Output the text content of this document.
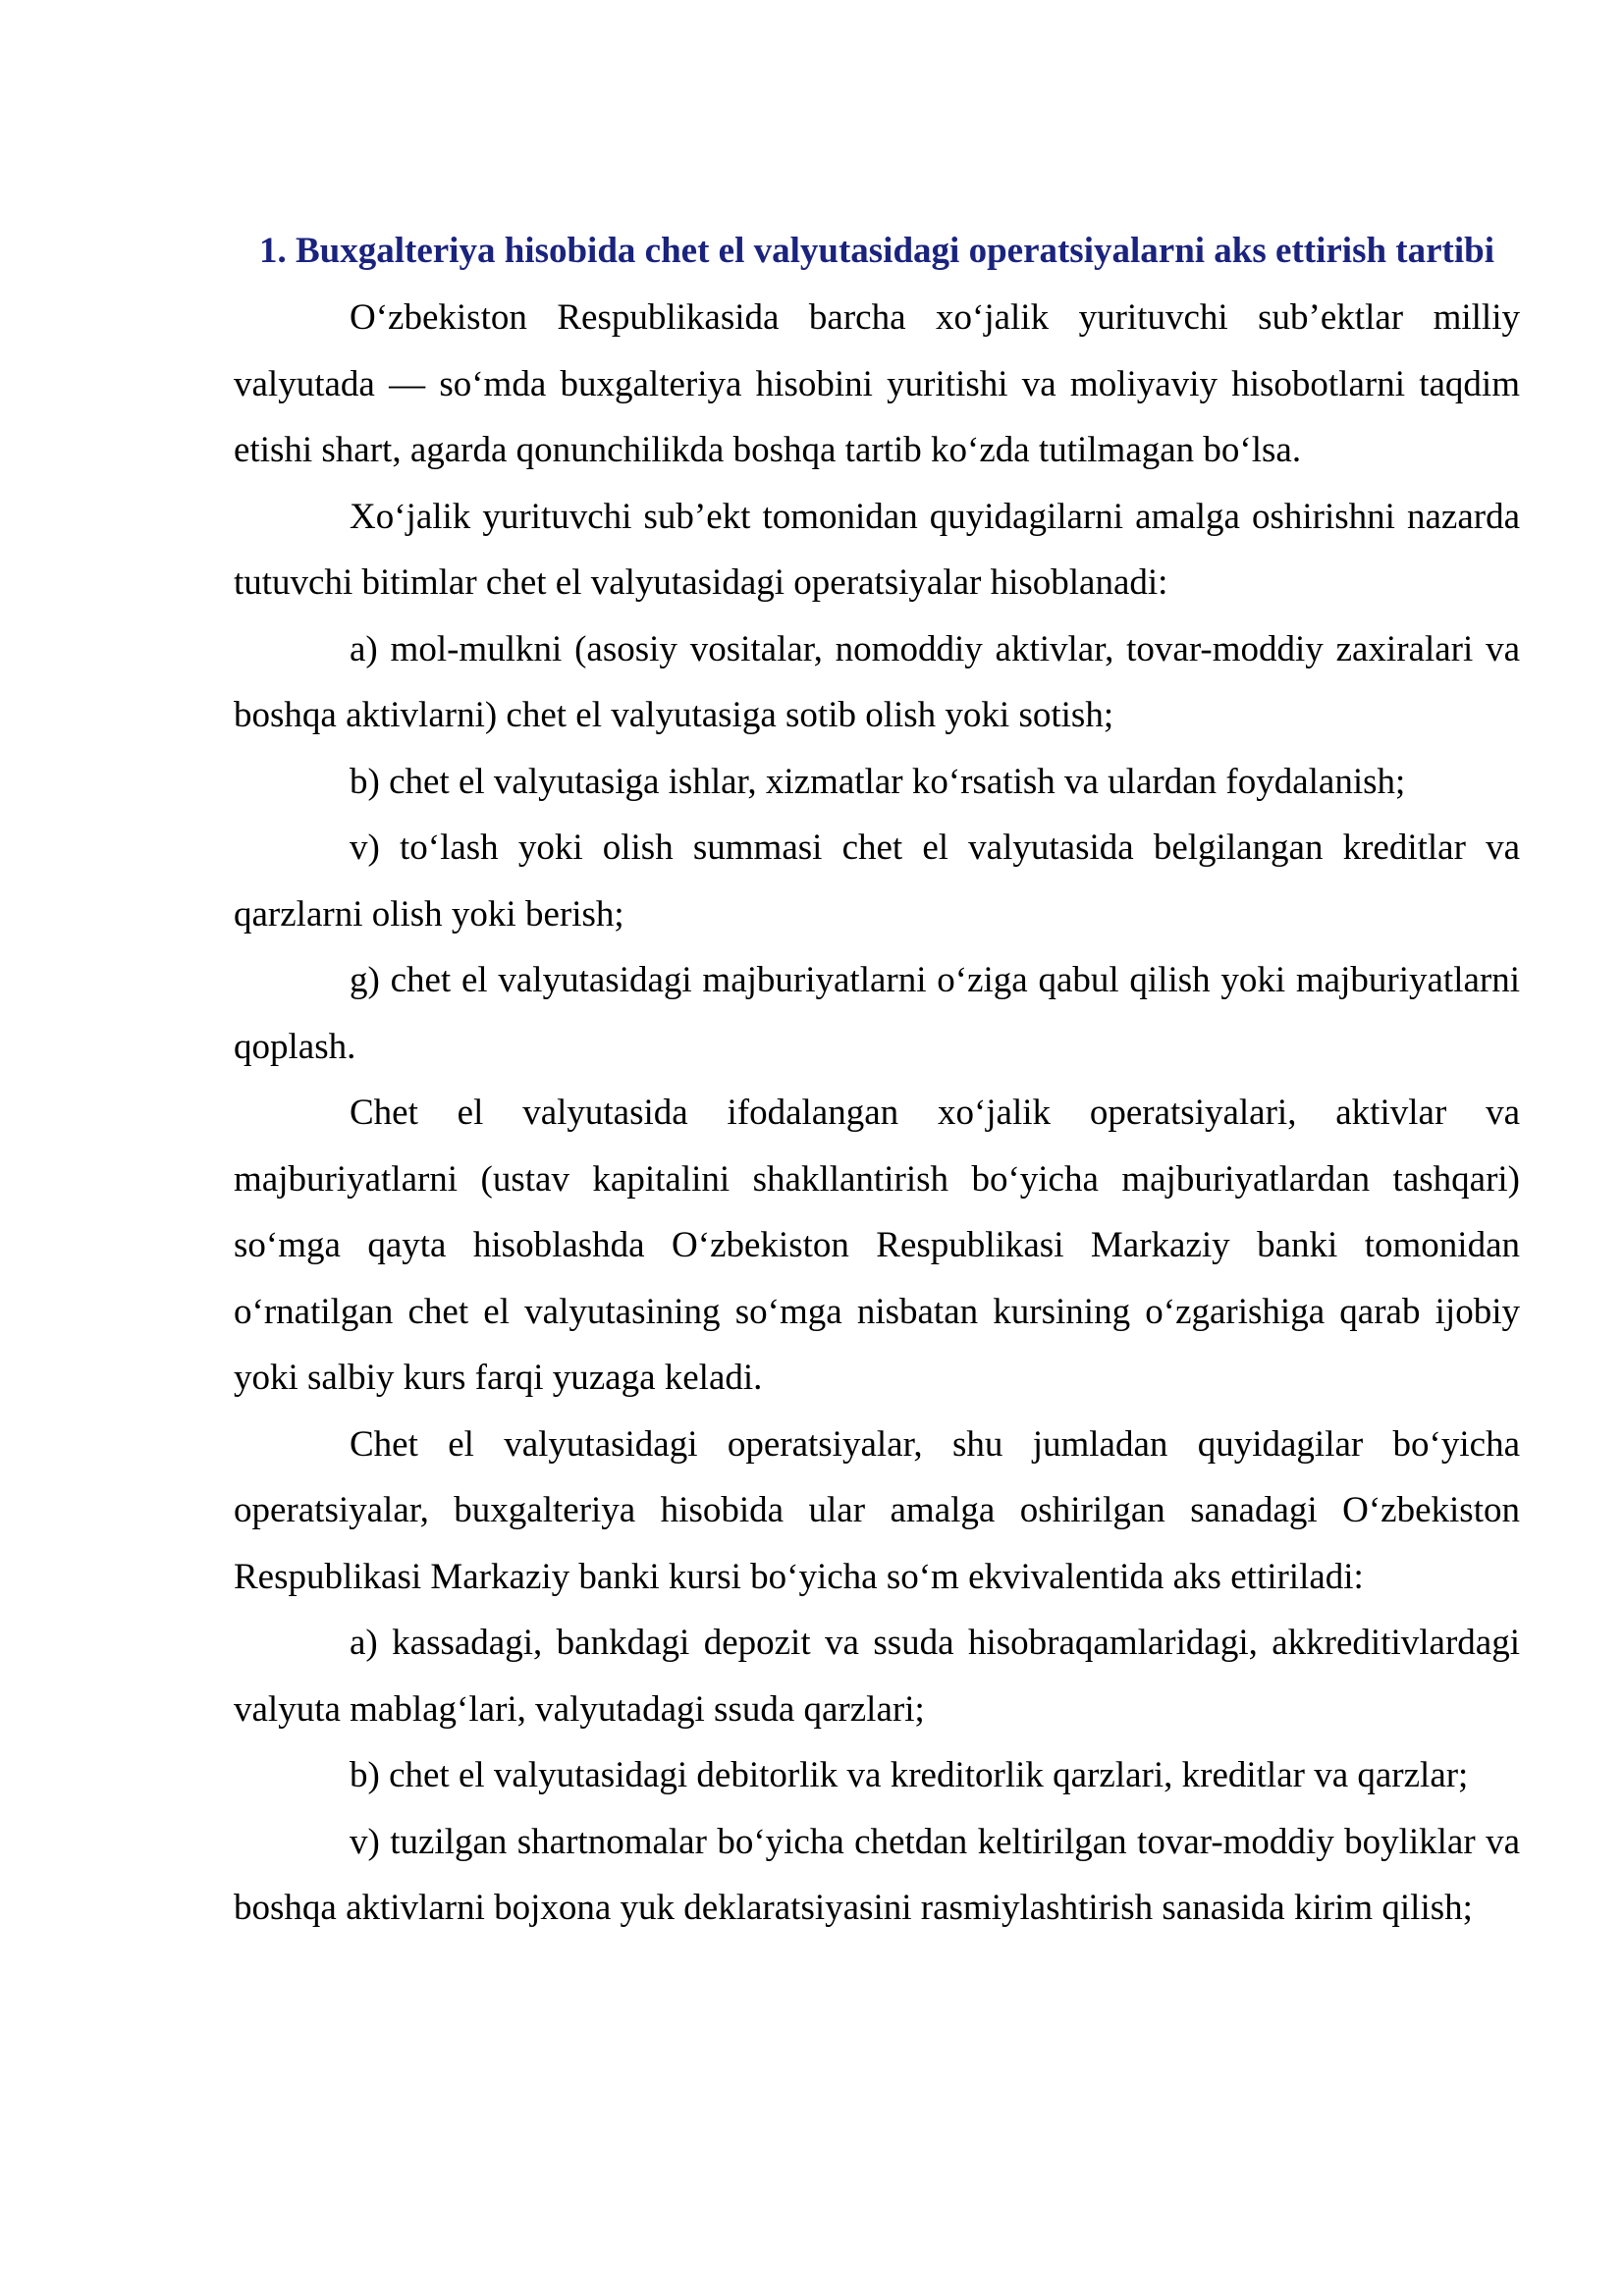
1. Buxgalteriya hisobida chet el valyutasidagi operatsiyalarni aks ettirish tartibi

O‘zbekiston Respublikasida barcha xo‘jalik yurituvchi sub’ektlar milliy valyutada — so‘mda buxgalteriya hisobini yuritishi va moliyaviy hisobotlarni taqdim etishi shart, agarda qonunchilikda boshqa tartib ko‘zda tutilmagan bo‘lsa.

Xo‘jalik yurituvchi sub’ekt tomonidan quyidagilarni amalga oshirishni nazarda tutuvchi bitimlar chet el valyutasidagi operatsiyalar hisoblanadi:

a) mol-mulkni (asosiy vositalar, nomoddiy aktivlar, tovar-moddiy zaxiralari va boshqa aktivlarni) chet el valyutasiga sotib olish yoki sotish;

b) chet el valyutasiga ishlar, xizmatlar ko‘rsatish va ulardan foydalanish;

v) to‘lash yoki olish summasi chet el valyutasida belgilangan kreditlar va qarzlarni olish yoki berish;

g) chet el valyutasidagi majburiyatlarni o‘ziga qabul qilish yoki majburiyatlarni qoplash.

Chet el valyutasida ifodalangan xo‘jalik operatsiyalari, aktivlar va majburiyatlarni (ustav kapitalini shakllantirish bo‘yicha majburiyatlardan tashqari) so‘mga qayta hisoblashda O‘zbekiston Respublikasi Markaziy banki tomonidan o‘rnatilgan chet el valyutasining so‘mga nisbatan kursining o‘zgarishiga qarab ijobiy yoki salbiy kurs farqi yuzaga keladi.

Chet el valyutasidagi operatsiyalar, shu jumladan quyidagilar bo‘yicha operatsiyalar, buxgalteriya hisobida ular amalga oshirilgan sanadagi O‘zbekiston Respublikasi Markaziy banki kursi bo‘yicha so‘m ekvivalentida aks ettiriladi:

a) kassadagi, bankdagi depozit va ssuda hisobraqamlaridagi, akkreditivlardagi valyuta mablag‘lari, valyutadagi ssuda qarzlari;

b) chet el valyutasidagi debitorlik va kreditorlik qarzlari, kreditlar va qarzlar;

v) tuzilgan shartnomalar bo‘yicha chetdan keltirilgan tovar-moddiy boyliklar va boshqa aktivlarni bojxona yuk deklaratsiyasini rasmiylashtirish sanasida kirim qilish;
